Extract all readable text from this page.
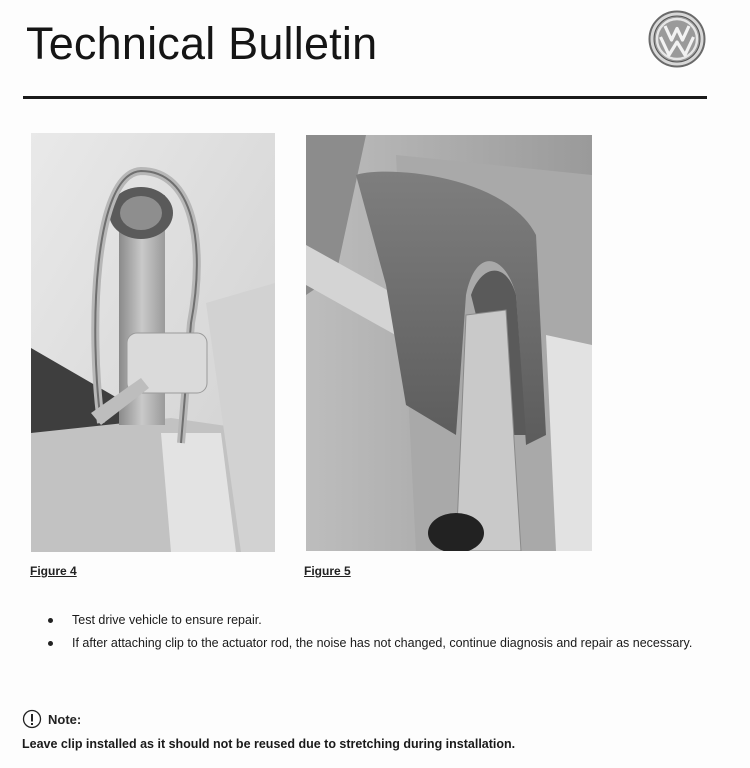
Technical Bulletin
Figure 4	Figure 5
Test drive vehicle to ensure repair.
If after attaching clip to the actuator rod, the noise has not changed, continue diagnosis and repair as necessary.
Note:
Leave clip installed as it should not be reused due to stretching during installation.
